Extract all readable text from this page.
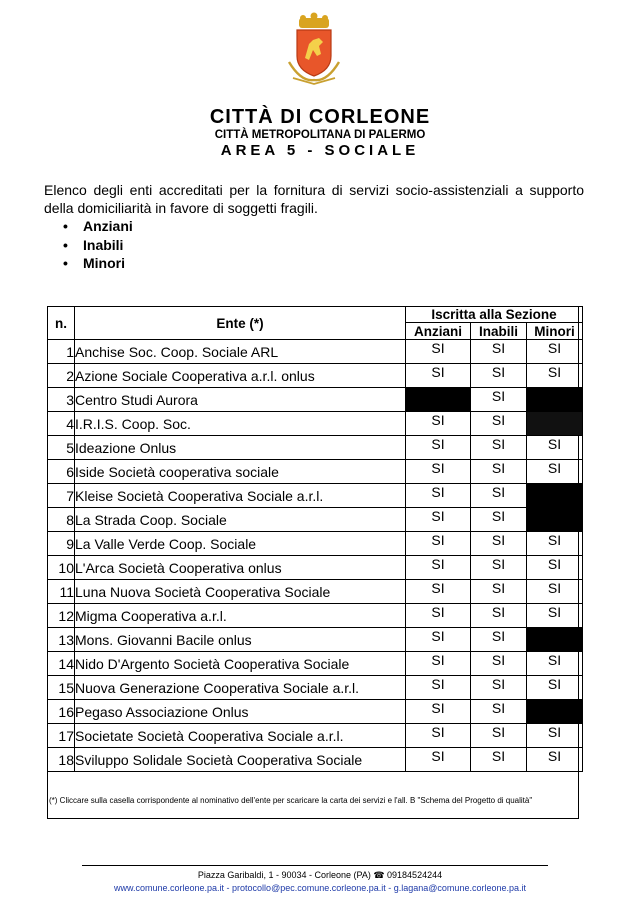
CITTÀ DI CORLEONE
CITTÀ METROPOLITANA DI PALERMO
AREA 5 - SOCIALE
Elenco degli enti accreditati per la fornitura di servizi socio-assistenziali a supporto della domiciliarità in favore di soggetti fragili.
• Anziani
• Inabili
• Minori
n.	Ente (*)	Iscritta alla Sezione		
		Anziani	Inabili	Minori
1	Anchise Soc. Coop. Sociale ARL	SI	SI	SI
2	Azione Sociale Cooperativa a.r.l. onlus	SI	SI	SI
3	Centro Studi Aurora		SI	
4	I.R.I.S. Coop. Soc.	SI	SI	
5	Ideazione Onlus	SI	SI	SI
6	Iside Società cooperativa sociale	SI	SI	SI
7	Kleise Società Cooperativa Sociale a.r.l.	SI	SI	
8	La Strada Coop. Sociale	SI	SI	
9	La Valle Verde Coop. Sociale	SI	SI	SI
10	L'Arca Società Cooperativa onlus	SI	SI	SI
11	Luna Nuova Società Cooperativa Sociale	SI	SI	SI
12	Migma Cooperativa a.r.l.	SI	SI	SI
13	Mons. Giovanni Bacile onlus	SI	SI	
14	Nido D'Argento Società Cooperativa Sociale	SI	SI	SI
15	Nuova Generazione Cooperativa Sociale a.r.l.	SI	SI	SI
16	Pegaso Associazione Onlus	SI	SI	
17	Societate Società Cooperativa Sociale a.r.l.	SI	SI	SI
18	Sviluppo Solidale Società Cooperativa Sociale	SI	SI	SI
(*) Cliccare sulla casella corrispondente al nominativo dell'ente per scaricare la carta dei servizi e l'all. B "Schema del Progetto di qualità"
Piazza Garibaldi, 1 - 90034 - Corleone (PA) ☎ 09184524244
www.comune.corleone.pa.it - protocollo@pec.comune.corleone.pa.it - g.lagana@comune.corleone.pa.it
